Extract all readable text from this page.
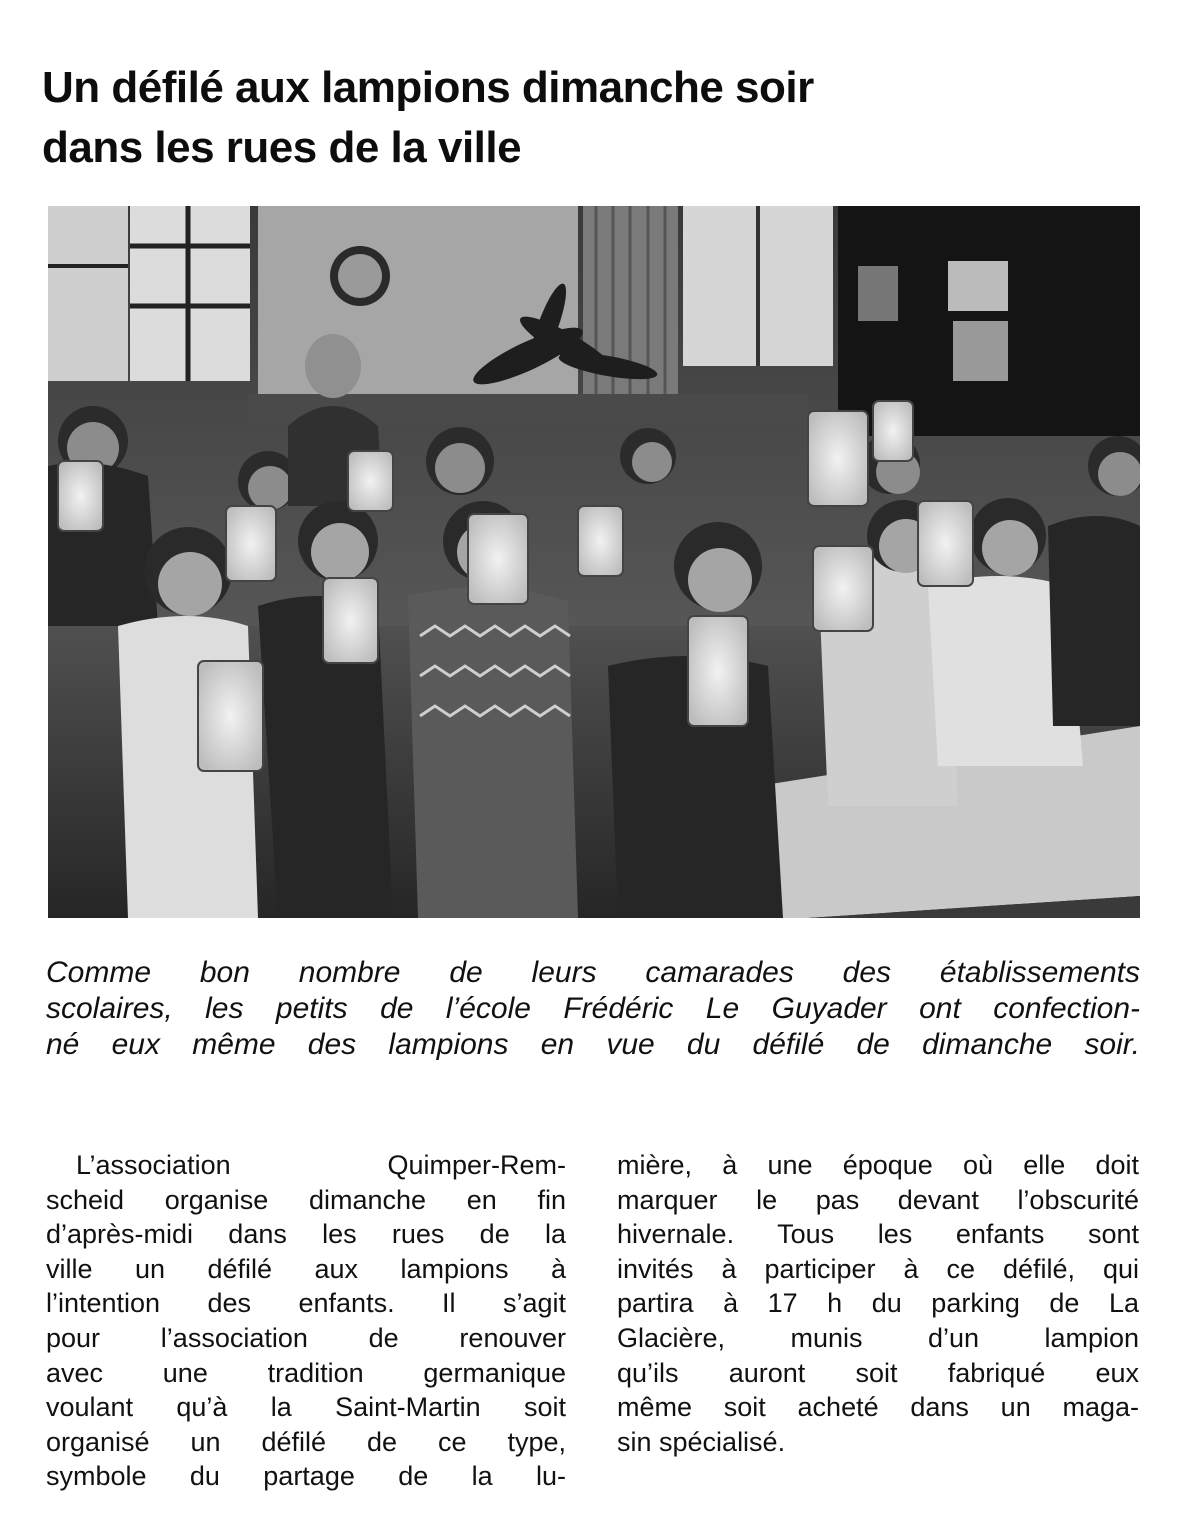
Un défilé aux lampions dimanche soir
dans les rues de la ville

Comme bon nombre de leurs camarades des établissements
scolaires, les petits de l’école Frédéric Le Guyader ont confection-
né eux même des lampions en vue du défilé de dimanche soir.

L’association Quimper-Rem-
scheid organise dimanche en fin
d’après-midi dans les rues de la
ville un défilé aux lampions à
l’intention des enfants. Il s’agit
pour l’association de renouver
avec une tradition germanique
voulant qu’à la Saint-Martin soit
organisé un défilé de ce type,
symbole du partage de la lu-
mière, à une époque où elle doit
marquer le pas devant l’obscurité
hivernale. Tous les enfants sont
invités à participer à ce défilé, qui
partira à 17 h du parking de La
Glacière, munis d’un lampion
qu’ils auront soit fabriqué eux
même soit acheté dans un maga-
sin spécialisé.
